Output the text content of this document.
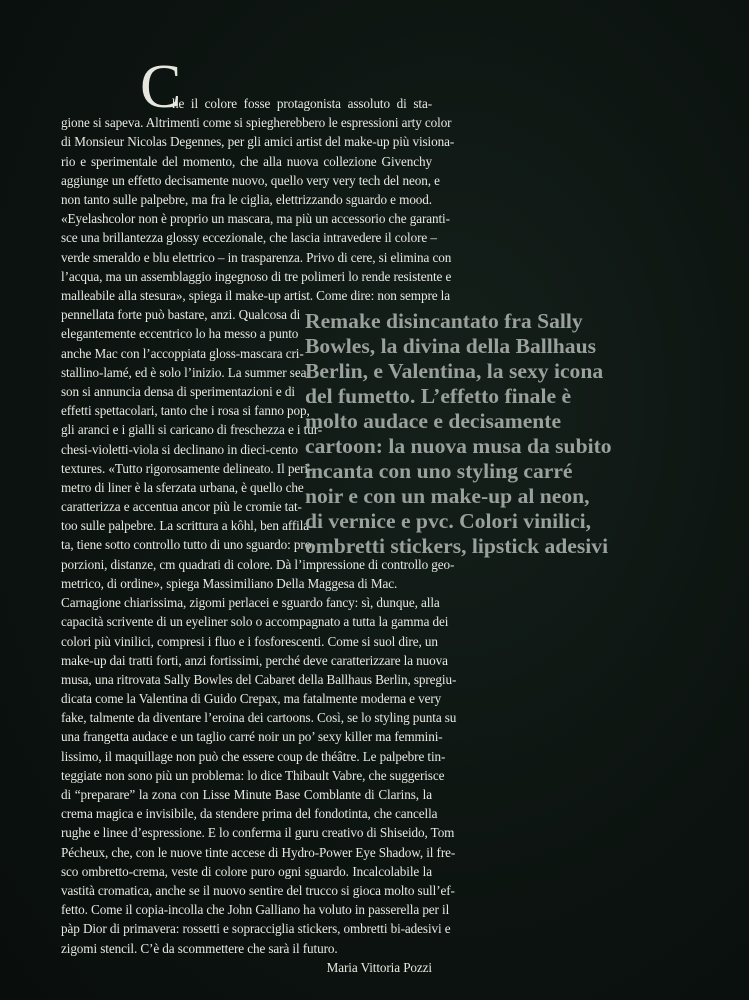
C
he il colore fosse protagonista assoluto di sta-
gione si sapeva. Altrimenti come si spiegherebbero le espressioni arty color
di Monsieur Nicolas Degennes, per gli amici artist del make-up più visiona-
rio e sperimentale del momento, che alla nuova collezione Givenchy
aggiunge un effetto decisamente nuovo, quello very very tech del neon, e
non tanto sulle palpebre, ma fra le ciglia, elettrizzando sguardo e mood.
«Eyelashcolor non è proprio un mascara, ma più un accessorio che garanti-
sce una brillantezza glossy eccezionale, che lascia intravedere il colore –
verde smeraldo e blu elettrico – in trasparenza. Privo di cere, si elimina con
l’acqua, ma un assemblaggio ingegnoso di tre polimeri lo rende resistente e
malleabile alla stesura», spiega il make-up artist. Come dire: non sempre la
pennellata forte può bastare, anzi. Qualcosa di
elegantemente eccentrico lo ha messo a punto
anche Mac con l’accoppiata gloss-mascara cri-
stallino-lamé, ed è solo l’inizio. La summer sea-
son si annuncia densa di sperimentazioni e di
effetti spettacolari, tanto che i rosa si fanno pop,
gli aranci e i gialli si caricano di freschezza e i tur-
chesi-violetti-viola si declinano in dieci-cento
textures. «Tutto rigorosamente delineato. Il peri-
metro di liner è la sferzata urbana, è quello che
caratterizza e accentua ancor più le cromie tat-
too sulle palpebre. La scrittura a kôhl, ben affila-
ta, tiene sotto controllo tutto di uno sguardo: pro-
porzioni, distanze, cm quadrati di colore. Dà l’impressione di controllo geo-
metrico, di ordine», spiega Massimiliano Della Maggesa di Mac.
Carnagione chiarissima, zigomi perlacei e sguardo fancy: sì, dunque, alla
capacità scrivente di un eyeliner solo o accompagnato a tutta la gamma dei
colori più vinilici, compresi i fluo e i fosforescenti. Come si suol dire, un
make-up dai tratti forti, anzi fortissimi, perché deve caratterizzare la nuova
musa, una ritrovata Sally Bowles del Cabaret della Ballhaus Berlin, spregiu-
dicata come la Valentina di Guido Crepax, ma fatalmente moderna e very
fake, talmente da diventare l’eroina dei cartoons. Così, se lo styling punta su
una frangetta audace e un taglio carré noir un po’ sexy killer ma femmini-
lissimo, il maquillage non può che essere coup de théâtre. Le palpebre tin-
teggiate non sono più un problema: lo dice Thibault Vabre, che suggerisce
di “preparare” la zona con Lisse Minute Base Comblante di Clarins, la
crema magica e invisibile, da stendere prima del fondotinta, che cancella
rughe e linee d’espressione. E lo conferma il guru creativo di Shiseido, Tom
Pécheux, che, con le nuove tinte accese di Hydro-Power Eye Shadow, il fre-
sco ombretto-crema, veste di colore puro ogni sguardo. Incalcolabile la
vastità cromatica, anche se il nuovo sentire del trucco si gioca molto sull’ef-
fetto. Come il copia-incolla che John Galliano ha voluto in passerella per il
pàp Dior di primavera: rossetti e sopracciglia stickers, ombretti bi-adesivi e
zigomi stencil. C’è da scommettere che sarà il futuro.
Maria Vittoria Pozzi
Remake disincantato fra Sally
Bowles, la divina della Ballhaus
Berlin, e Valentina, la sexy icona
del fumetto. L’effetto finale è
molto audace e decisamente
cartoon: la nuova musa da subito
incanta con uno styling carré
noir e con un make-up al neon,
di vernice e pvc. Colori vinilici,
ombretti stickers, lipstick adesivi
